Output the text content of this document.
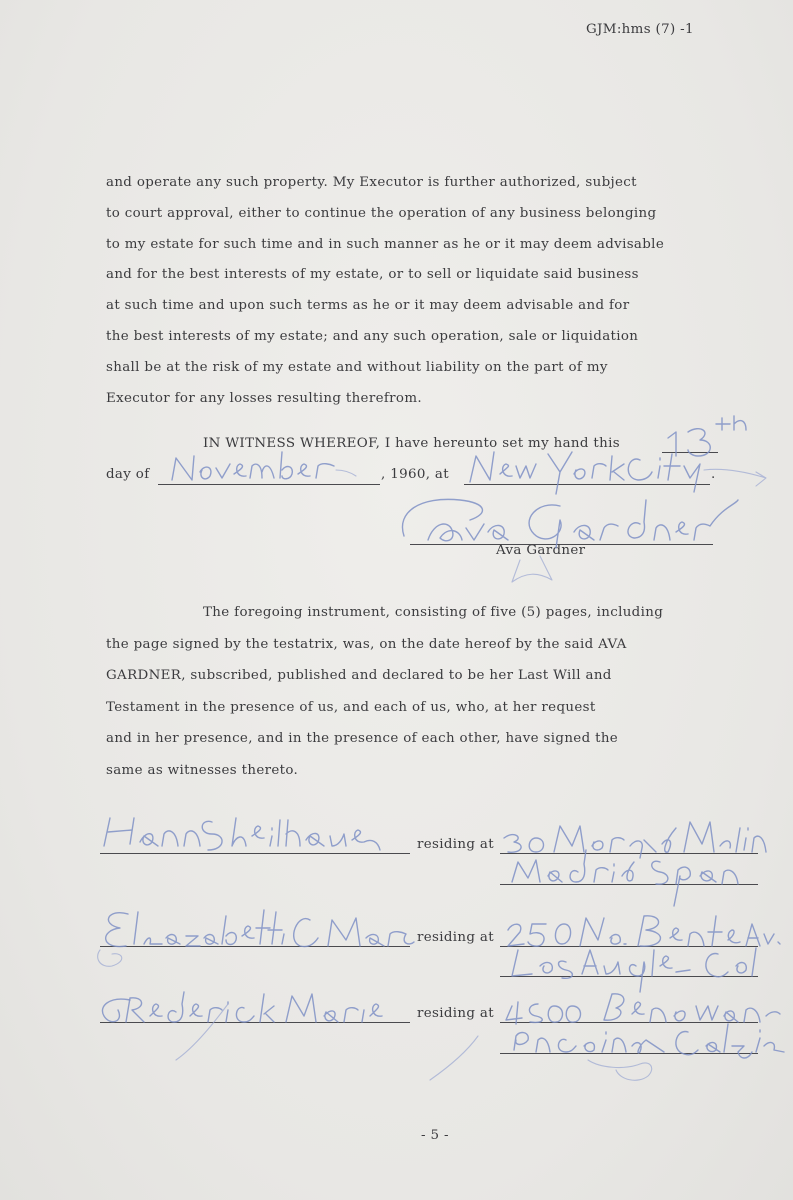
GJM:hms (7) -1
and operate any such property. My Executor is further authorized, subject
to court approval, either to continue the operation of any business belonging
to my estate for such time and in such manner as he or it may deem advisable
and for the best interests of my estate, or to sell or liquidate said business
at such time and upon such terms as he or it may deem advisable and for
the best interests of my estate; and any such operation, sale or liquidation
shall be at the risk of my estate and without liability on the part of my
Executor for any losses resulting therefrom.
IN WITNESS WHEREOF, I have hereunto set my hand this
day of	, 1960, at	.
Ava Gardner
The foregoing instrument, consisting of five (5) pages, including
the page signed by the testatrix, was, on the date hereof by the said AVA
GARDNER, subscribed, published and declared to be her Last Will and
Testament in the presence of us, and each of us, who, at her request
and in her presence, and in the presence of each other, have signed the
same as witnesses thereto.
residing at
residing at
residing at
- 5 -
